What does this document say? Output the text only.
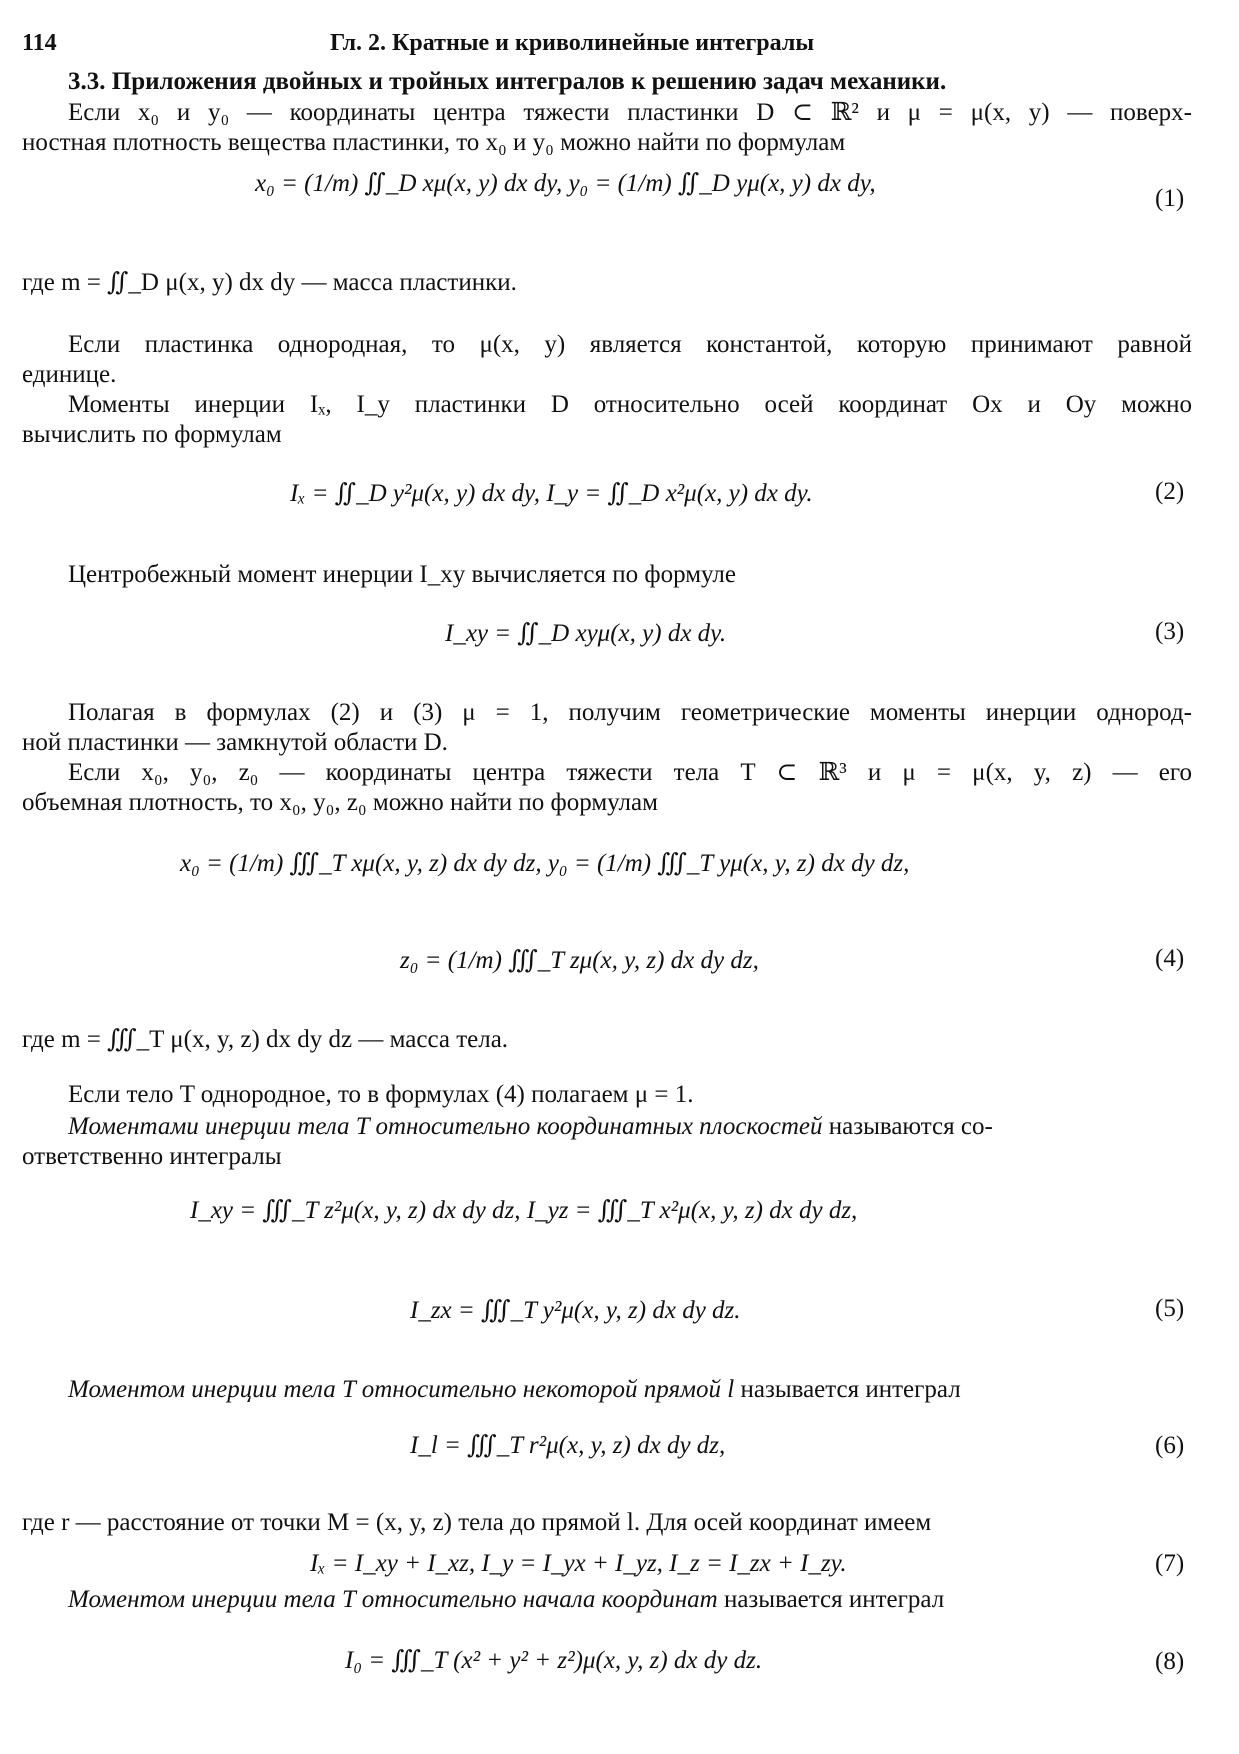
114	Гл. 2. Кратные и криволинейные интегралы
3.3. Приложения двойных и тройных интегралов к решению задач механики.
Если x₀ и y₀ — координаты центра тяжести пластинки D ⊂ ℝ² и μ = μ(x, y) — поверх-
ностная плотность вещества пластинки, то x₀ и y₀ можно найти по формулам
x₀ = (1/m) ∬_D xμ(x, y) dx dy, y₀ = (1/m) ∬_D yμ(x, y) dx dy,
(1)
где m = ∬_D μ(x, y) dx dy — масса пластинки.
Если пластинка однородная, то μ(x, y) является константой, которую принимают равной
единице.
Моменты инерции Iₓ, I_y пластинки D относительно осей координат Ox и Oy можно
вычислить по формулам
Iₓ = ∬_D y²μ(x, y) dx dy, I_y = ∬_D x²μ(x, y) dx dy.	(2)
Центробежный момент инерции I_xy вычисляется по формуле
I_xy = ∬_D xyμ(x, y) dx dy.	(3)
Полагая в формулах (2) и (3) μ = 1, получим геометрические моменты инерции однород-
ной пластинки — замкнутой области D.
Если x₀, y₀, z₀ — координаты центра тяжести тела T ⊂ ℝ³ и μ = μ(x, y, z) — его
объемная плотность, то x₀, y₀, z₀ можно найти по формулам
x₀ = (1/m) ∭_T xμ(x, y, z) dx dy dz, y₀ = (1/m) ∭_T yμ(x, y, z) dx dy dz,
z₀ = (1/m) ∭_T zμ(x, y, z) dx dy dz,	(4)
где m = ∭_T μ(x, y, z) dx dy dz — масса тела.
Если тело T однородное, то в формулах (4) полагаем μ = 1.
Моментами инерции тела T относительно координатных плоскостей называются со-
ответственно интегралы
I_xy = ∭_T z²μ(x, y, z) dx dy dz, I_yz = ∭_T x²μ(x, y, z) dx dy dz,
I_zx = ∭_T y²μ(x, y, z) dx dy dz.	(5)
Моментом инерции тела T относительно некоторой прямой l называется интеграл
I_l = ∭_T r²μ(x, y, z) dx dy dz,	(6)
где r — расстояние от точки M = (x, y, z) тела до прямой l. Для осей координат имеем
Iₓ = I_xy + I_xz, I_y = I_yx + I_yz, I_z = I_zx + I_zy.	(7)
Моментом инерции тела T относительно начала координат называется интеграл
I₀ = ∭_T (x² + y² + z²)μ(x, y, z) dx dy dz.	(8)
